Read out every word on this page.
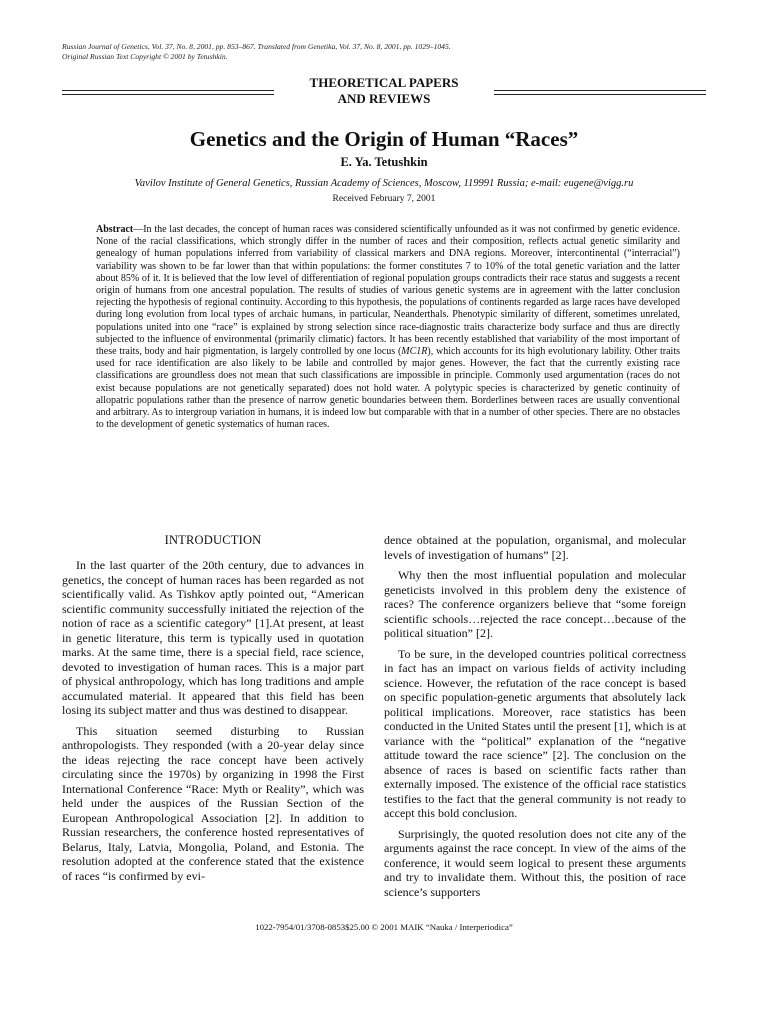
Russian Journal of Genetics, Vol. 37, No. 8, 2001, pp. 853–867. Translated from Genetika, Vol. 37, No. 8, 2001, pp. 1029–1045.
Original Russian Text Copyright © 2001 by Tetushkin.
THEORETICAL PAPERS
AND REVIEWS
Genetics and the Origin of Human “Races”
E. Ya. Tetushkin
Vavilov Institute of General Genetics, Russian Academy of Sciences, Moscow, 119991 Russia; e-mail: eugene@vigg.ru
Received February 7, 2001
Abstract—In the last decades, the concept of human races was considered scientifically unfounded as it was not confirmed by genetic evidence. None of the racial classifications, which strongly differ in the number of races and their composition, reflects actual genetic similarity and genealogy of human populations inferred from variability of classical markers and DNA regions. Moreover, intercontinental (“interracial”) variability was shown to be far lower than that within populations: the former constitutes 7 to 10% of the total genetic variation and the latter about 85% of it. It is believed that the low level of differentiation of regional population groups contradicts their race status and suggests a recent origin of humans from one ancestral population. The results of studies of various genetic systems are in agreement with the latter conclusion rejecting the hypothesis of regional continuity. According to this hypothesis, the populations of continents regarded as large races have developed during long evolution from local types of archaic humans, in particular, Neanderthals. Phenotypic similarity of different, sometimes unrelated, populations united into one “race” is explained by strong selection since race-diagnostic traits characterize body surface and thus are directly subjected to the influence of environmental (primarily climatic) factors. It has been recently established that variability of the most important of these traits, body and hair pigmentation, is largely controlled by one locus (MC1R), which accounts for its high evolutionary lability. Other traits used for race identification are also likely to be labile and controlled by major genes. However, the fact that the currently existing race classifications are groundless does not mean that such classifications are impossible in principle. Commonly used argumentation (races do not exist because populations are not genetically separated) does not hold water. A polytypic species is characterized by genetic continuity of allopatric populations rather than the presence of narrow genetic boundaries between them. Borderlines between races are usually conventional and arbitrary. As to intergroup variation in humans, it is indeed low but comparable with that in a number of other species. There are no obstacles to the development of genetic systematics of human races.
INTRODUCTION

In the last quarter of the 20th century, due to advances in genetics, the concept of human races has been regarded as not scientifically valid. As Tishkov aptly pointed out, “American scientific community successfully initiated the rejection of the notion of race as a scientific category” [1].At present, at least in genetic literature, this term is typically used in quotation marks. At the same time, there is a special field, race science, devoted to investigation of human races. This is a major part of physical anthropology, which has long traditions and ample accumulated material. It appeared that this field has been losing its subject matter and thus was destined to disappear.

This situation seemed disturbing to Russian anthropologists. They responded (with a 20-year delay since the ideas rejecting the race concept have been actively circulating since the 1970s) by organizing in 1998 the First International Conference “Race: Myth or Reality”, which was held under the auspices of the Russian Section of the European Anthropological Association [2]. In addition to Russian researchers, the conference hosted representatives of Belarus, Italy, Latvia, Mongolia, Poland, and Estonia. The resolution adopted at the conference stated that the existence of races “is confirmed by evi-

dence obtained at the population, organismal, and molecular levels of investigation of humans” [2].

Why then the most influential population and molecular geneticists involved in this problem deny the existence of races? The conference organizers believe that “some foreign scientific schools…rejected the race concept…because of the political situation” [2].

To be sure, in the developed countries political correctness in fact has an impact on various fields of activity including science. However, the refutation of the race concept is based on specific population-genetic arguments that absolutely lack political implications. Moreover, race statistics has been conducted in the United States until the present [1], which is at variance with the “political” explanation of the “negative attitude toward the race science” [2]. The conclusion on the absence of races is based on scientific facts rather than externally imposed. The existence of the official race statistics testifies to the fact that the general community is not ready to accept this bold conclusion.

Surprisingly, the quoted resolution does not cite any of the arguments against the race concept. In view of the aims of the conference, it would seem logical to present these arguments and try to invalidate them. Without this, the position of race science’s supporters

1022-7954/01/3708-0853$25.00 © 2001 MAIK “Nauka / Interperiodica”
